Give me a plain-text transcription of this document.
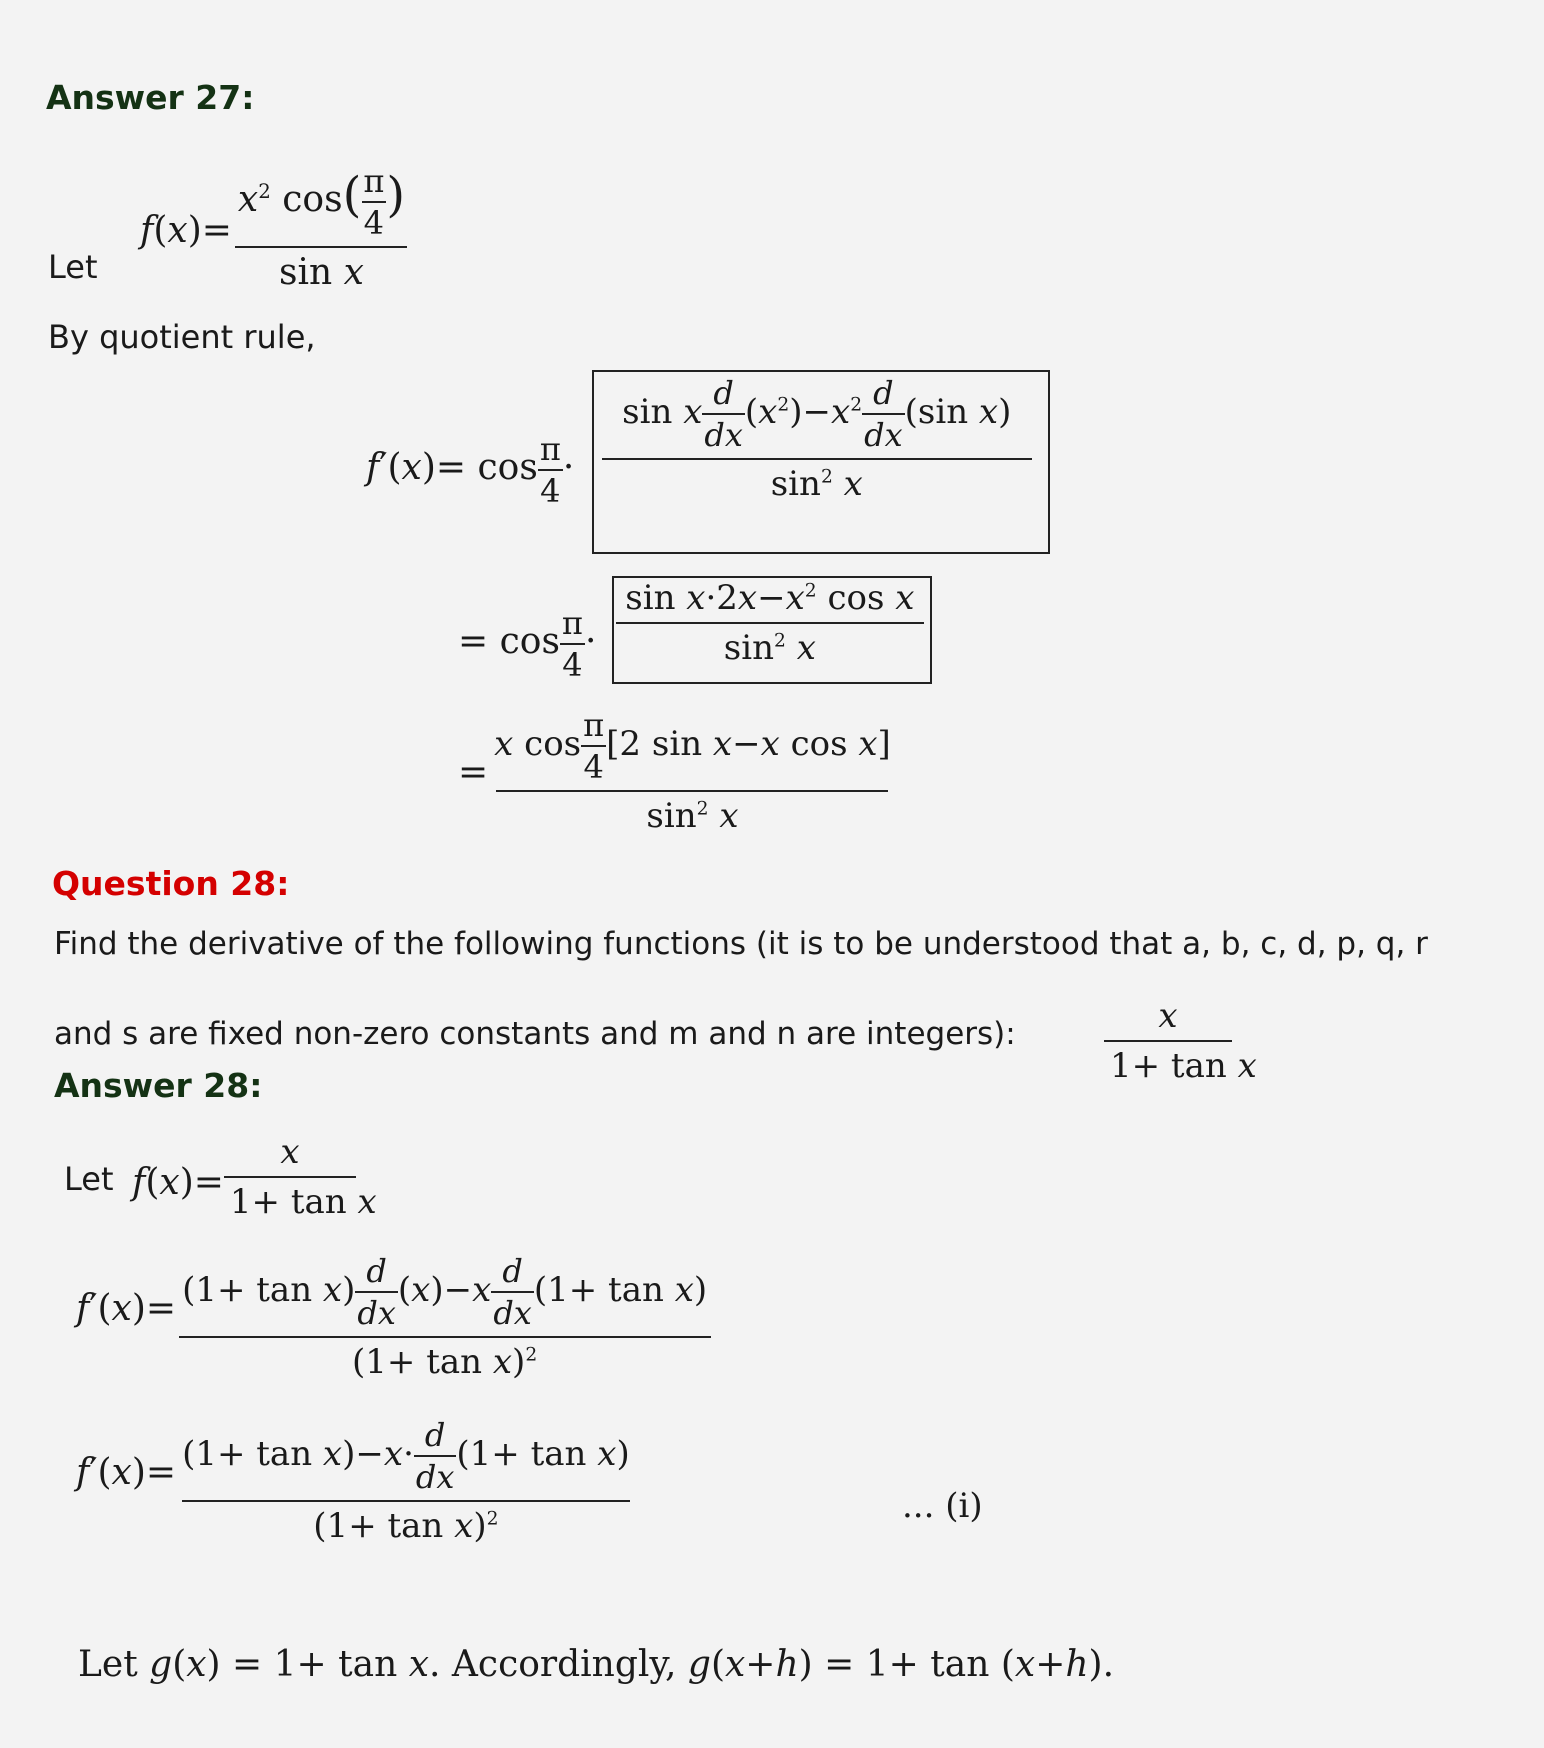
Answer 27:
Let
$f(x)= \frac{x^2 \cos( \frac{\pi}{4} )}{\text{sin x}}$
By quotient rule,
$f'(x)= \cos \frac{\pi}{4}$ ·
sin x $\frac{d}{dx} (x^2)-x^2 \frac{d}{dx} (\sin$ x)
$\sin^2 x$
= $\cos \frac{\pi}{4} \cdot \frac{\sin x\cdot 2x-x^2 \cos x}{\sin^2 x}$
= $\frac{x \cos \frac{\pi}{4} [2 \sin x-x \cos x]}{\sin^2 x}$
Question 28:
Find the derivative of the following functions (it is to be understood that a, b, c, d, p, q, r
and s are fixed non-zero constants and m and n are integers):	$\frac{x}{\text{1+ tan x}}$
Answer 28:
Let $f(x)= \frac{x}{\text{1+ tan x}}$
$f'(x)= \frac{(1+ \tan x) \frac{d}{dx} (x)-x \frac{d}{dx} (1+ \tan x)}{(1+ \tan x)^2}$
$f'(x)= \frac{(1+ \tan x)-x\cdot \frac{d}{dx} (1+ \tan x)}{(1+ \tan x)^2}$	... (i)
Let g(x) = 1+ tan x. Accordingly, g(x+h) = 1+ tan (x+h).
